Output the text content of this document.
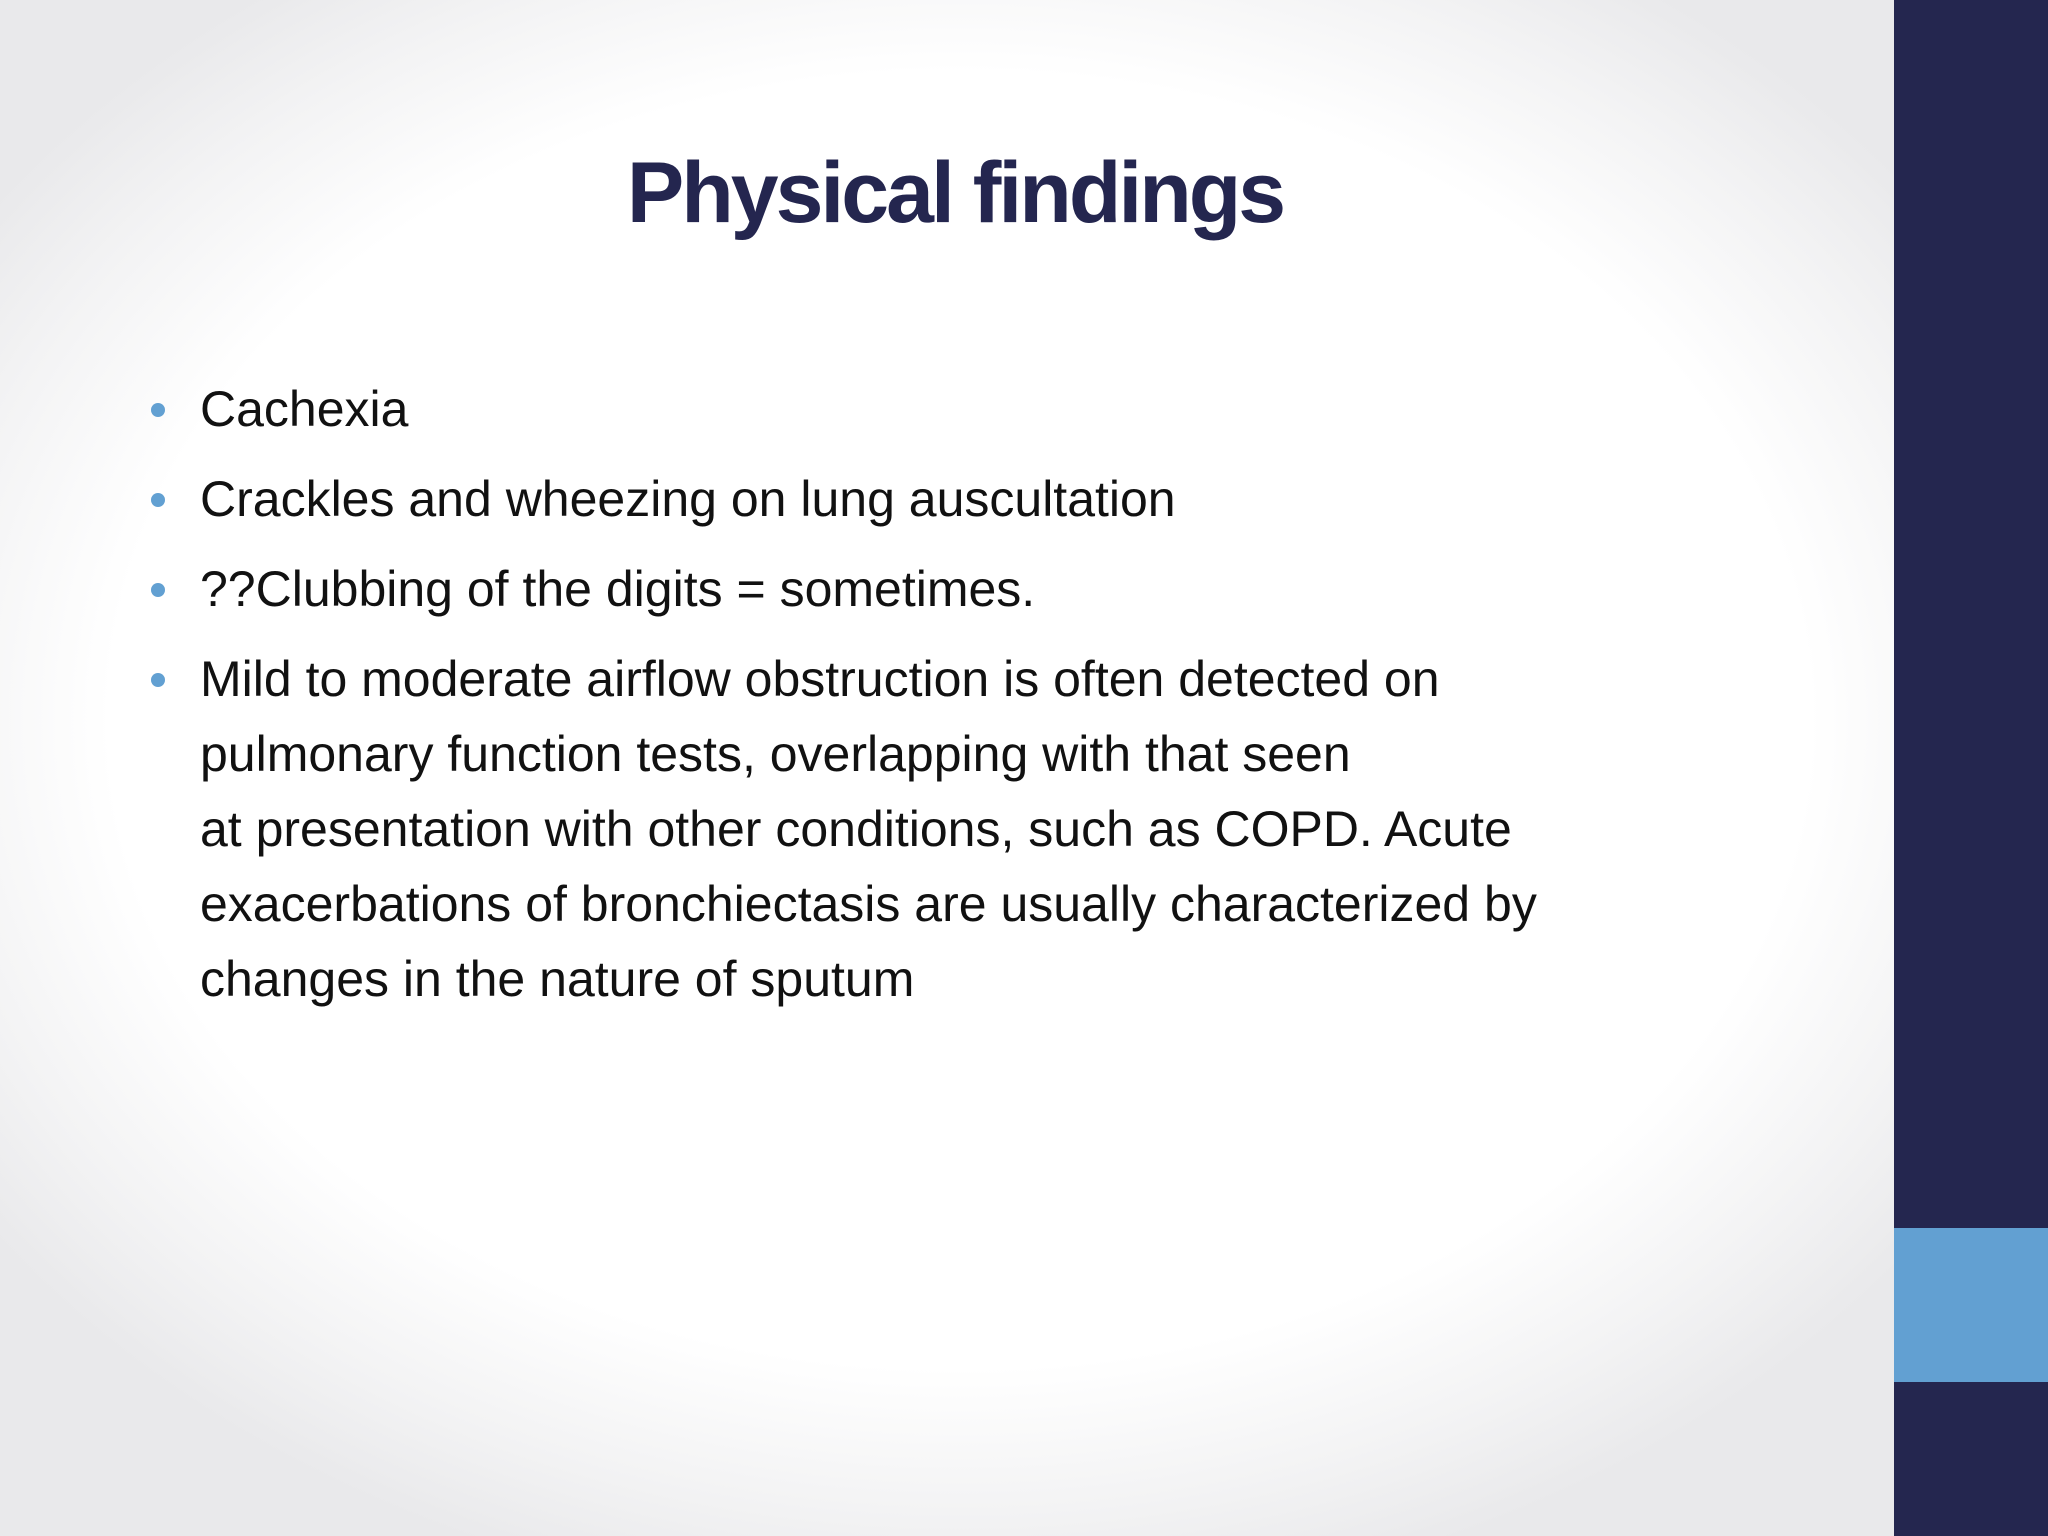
Physical findings
Cachexia
Crackles and wheezing on lung auscultation
??Clubbing of the digits = sometimes.
Mild to moderate airflow obstruction is often detected on
pulmonary function tests, overlapping with that seen
at presentation with other conditions, such as COPD. Acute
exacerbations of bronchiectasis are usually characterized by
changes in the nature of sputum
